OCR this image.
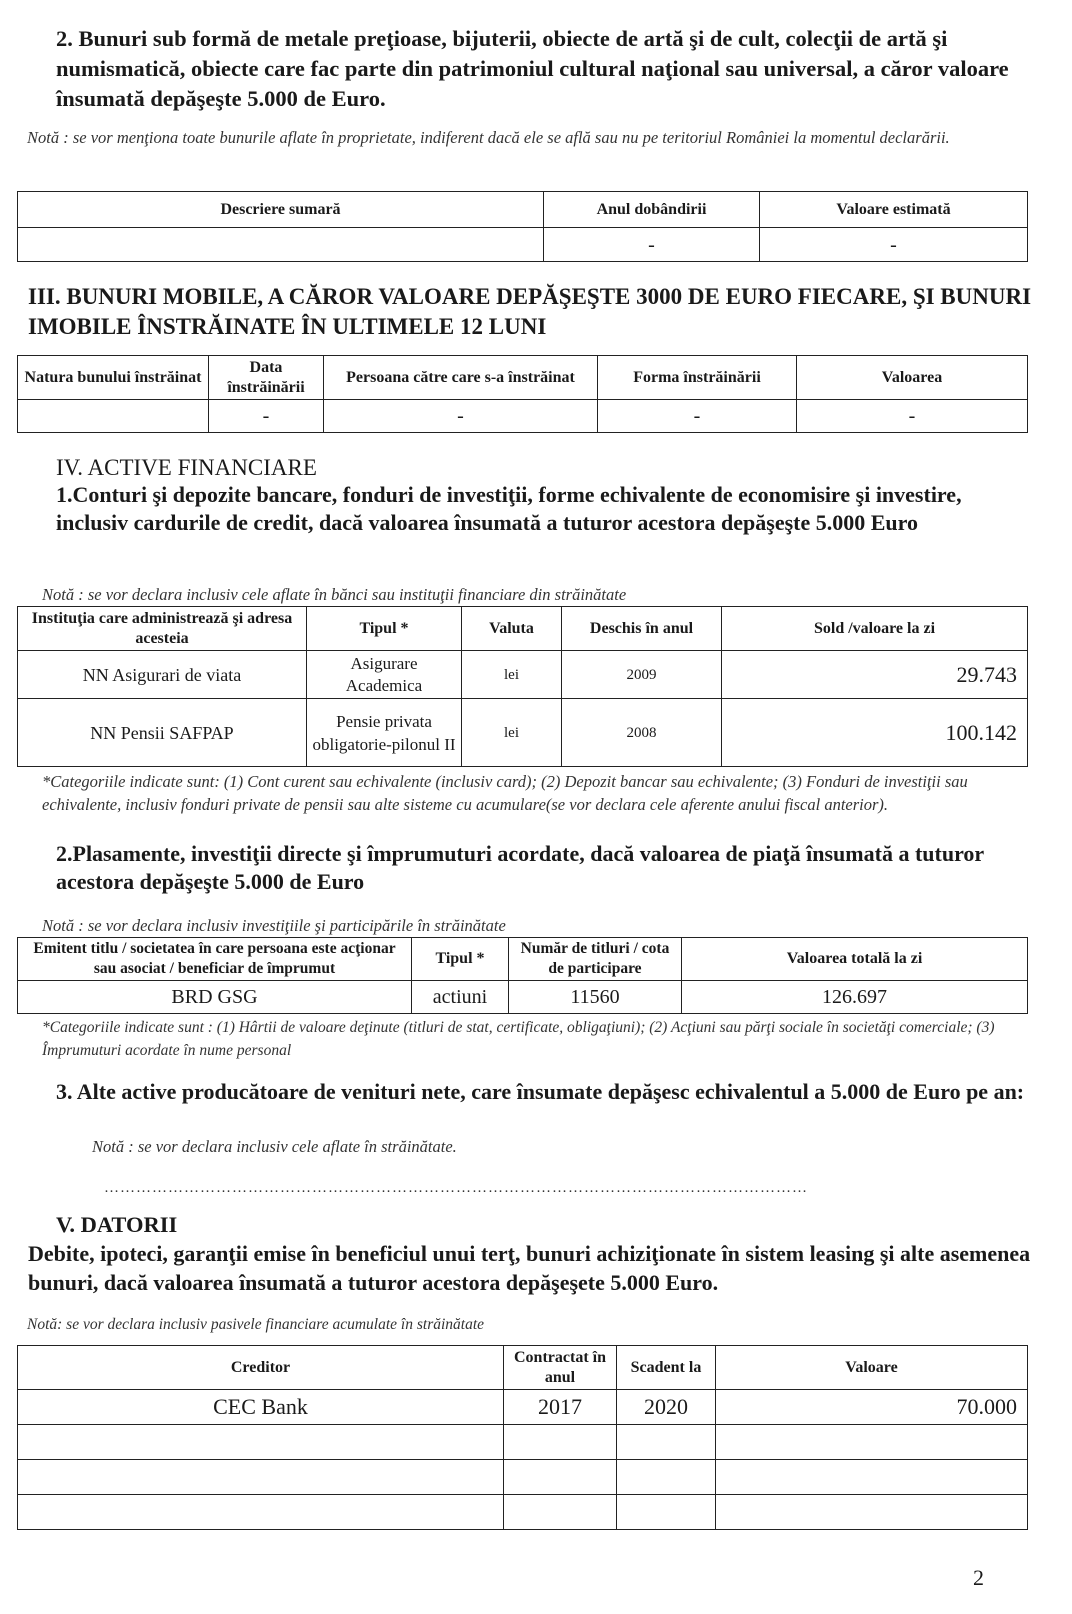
2. Bunuri sub formă de metale preţioase, bijuterii, obiecte de artă şi de cult, colecţii de artă şi numismatică, obiecte care fac parte din patrimoniul cultural naţional sau universal, a căror valoare însumată depăşeşte 5.000 de Euro.
Notă : se vor menţiona toate bunurile aflate în proprietate, indiferent dacă ele se află sau nu pe teritoriul României la momentul declarării.
Descriere sumară	Anul dobândirii	Valoare estimată
	-	-
III. BUNURI MOBILE, A CĂROR VALOARE DEPĂŞEŞTE 3000 DE EURO FIECARE, ŞI BUNURI IMOBILE ÎNSTRĂINATE ÎN ULTIMELE 12 LUNI
Natura bunului înstrăinat	Data înstrăinării	Persoana către care s-a înstrăinat	Forma înstrăinării	Valoarea
	-	-	-	-
IV. ACTIVE FINANCIARE
1.Conturi şi depozite bancare, fonduri de investiţii, forme echivalente de economisire şi investire, inclusiv cardurile de credit, dacă valoarea însumată a tuturor acestora depăşeşte 5.000 Euro
Notă : se vor declara inclusiv cele aflate în bănci sau instituţii financiare din străinătate
Instituţia care administrează şi adresa acesteia	Tipul *	Valuta	Deschis în anul	Sold /valoare la zi
NN Asigurari de viata	Asigurare Academica	lei	2009	29.743
NN Pensii SAFPAP	Pensie privata obligatorie-pilonul II	lei	2008	100.142
*Categoriile indicate sunt: (1) Cont curent sau echivalente (inclusiv card); (2) Depozit bancar sau echivalente; (3) Fonduri de investiţii sau echivalente, inclusiv fonduri private de pensii sau alte sisteme cu acumulare(se vor declara cele aferente anului fiscal anterior).
2.Plasamente, investiţii directe şi împrumuturi acordate, dacă valoarea de piaţă însumată a tuturor acestora depăşeşte 5.000 de Euro
Notă : se vor declara inclusiv investiţiile şi participările în străinătate
Emitent titlu / societatea în care persoana este acţionar sau asociat / beneficiar de împrumut	Tipul *	Număr de titluri / cota de participare	Valoarea totală la zi
BRD GSG	actiuni	11560	126.697
*Categoriile indicate sunt : (1) Hârtii de valoare deţinute (titluri de stat, certificate, obligaţiuni); (2) Acţiuni sau părţi sociale în societăţi comerciale; (3) Împrumuturi acordate în nume personal
3. Alte active producătoare de venituri nete, care însumate depăşesc echivalentul a 5.000 de Euro pe an:
Notă : se vor declara inclusiv cele aflate în străinătate.
……………………………………………………………………………………………………………………
V. DATORII
Debite, ipoteci, garanţii emise în beneficiul unui terţ, bunuri achiziţionate în sistem leasing şi alte asemenea bunuri, dacă valoarea însumată a tuturor acestora depăşeşete 5.000 Euro.
Notă: se vor declara inclusiv pasivele financiare acumulate în străinătate
Creditor	Contractat în anul	Scadent la	Valoare
CEC Bank	2017	2020	70.000

2
